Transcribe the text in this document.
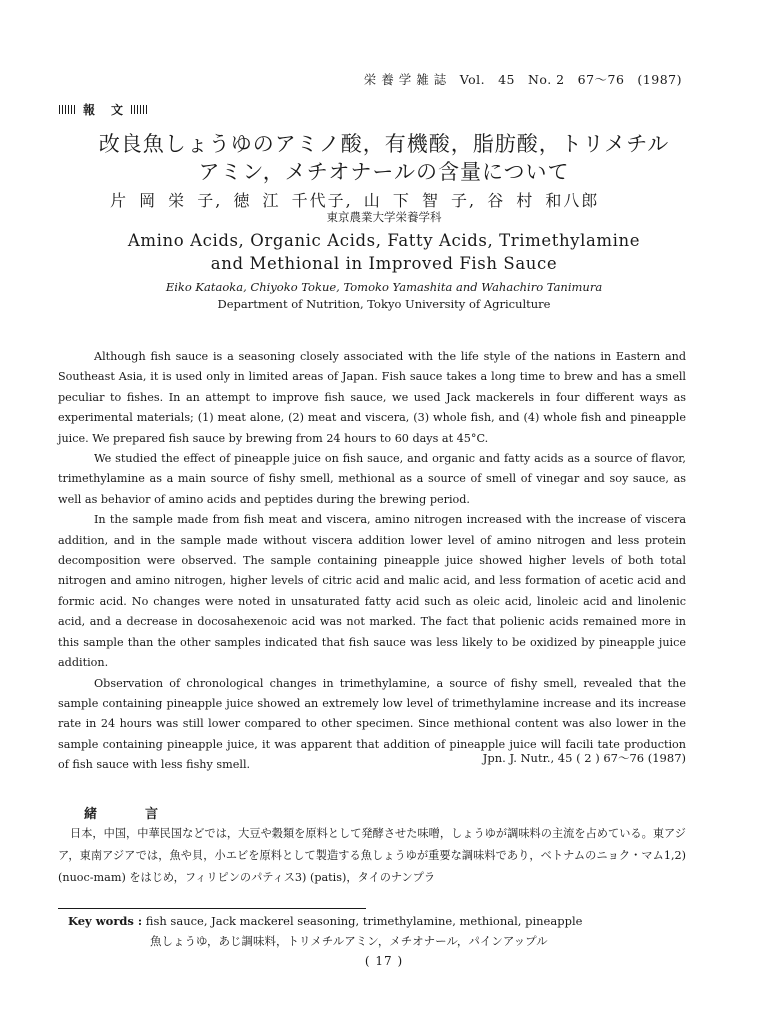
栄 養 学 雑 誌　Vol.　45　No. 2　67〜76　(1987)
報　文
改良魚しょうゆのアミノ酸，有機酸，脂肪酸，トリメチル
アミン，メチオナールの含量について
片 岡 栄 子, 徳 江 千代子, 山 下 智 子, 谷 村 和八郎
東京農業大学栄養学科
Amino Acids, Organic Acids, Fatty Acids, Trimethylamine
and Methional in Improved Fish Sauce
Eiko Kataoka, Chiyoko Tokue, Tomoko Yamashita and Wahachiro Tanimura
Department of Nutrition, Tokyo University of Agriculture

Although fish sauce is a seasoning closely associated with the life style of the nations in Eastern and Southeast Asia, it is used only in limited areas of Japan. Fish sauce takes a long time to brew and has a smell peculiar to fishes. In an attempt to improve fish sauce, we used Jack mackerels in four different ways as experimental materials; (1) meat alone, (2) meat and viscera, (3) whole fish, and (4) whole fish and pineapple juice. We prepared fish sauce by brewing from 24 hours to 60 days at 45°C.

We studied the effect of pineapple juice on fish sauce, and organic and fatty acids as a source of flavor, trimethylamine as a main source of fishy smell, methional as a source of smell of vinegar and soy sauce, as well as behavior of amino acids and peptides during the brewing period.

In the sample made from fish meat and viscera, amino nitrogen increased with the increase of viscera addition, and in the sample made without viscera addition lower level of amino nitrogen and less protein decomposition were observed. The sample containing pineapple juice showed higher levels of both total nitrogen and amino nitrogen, higher levels of citric acid and malic acid, and less formation of acetic acid and formic acid. No changes were noted in unsaturated fatty acid such as oleic acid, linoleic acid and linolenic acid, and a decrease in docosahexenoic acid was not marked. The fact that polienic acids remained more in this sample than the other samples indicated that fish sauce was less likely to be oxidized by pineapple juice addition.

Observation of chronological changes in trimethylamine, a source of fishy smell, revealed that the sample containing pineapple juice showed an extremely low level of trimethylamine increase and its increase rate in 24 hours was still lower compared to other specimen. Since methional content was also lower in the sample containing pineapple juice, it was apparent that addition of pineapple juice will facili tate production of fish sauce with less fishy smell.	Jpn. J. Nutr., 45 ( 2 ) 67〜76 (1987)
緒言

日本，中国，中華民国などでは，大豆や穀類を原料として発酵させた味噌，しょうゆが調味料の主流を占めている。東アジア，東南アジアでは，魚や貝，小エビを原料として製造する魚しょうゆが重要な調味料であり，ベトナムのニョク・マム1,2) (nuoc-mam) をはじめ，フィリピンのパティス3) (patis)，タイのナンプラ

Key words : fish sauce, Jack mackerel seasoning, trimethylamine, methional, pineapple
魚しょうゆ，あじ調味料，トリメチルアミン，メチオナール，パインアップル
( 17 )
